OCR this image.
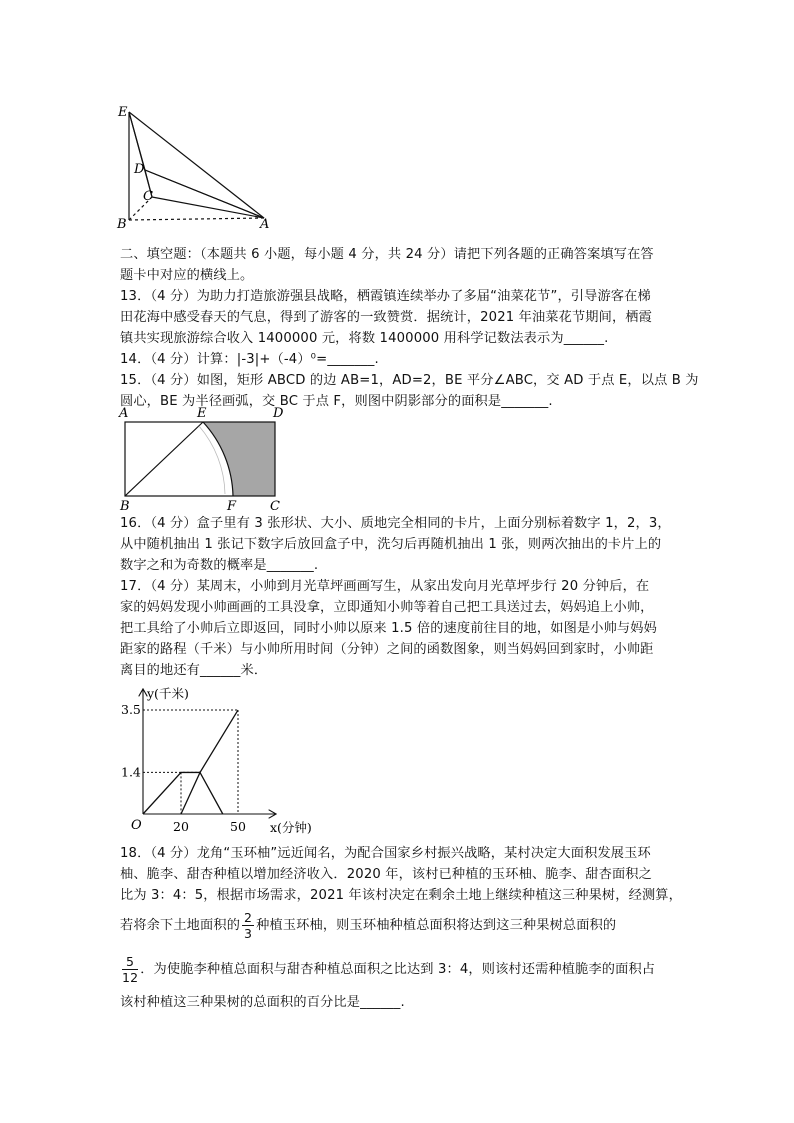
E
D
C
B	A
二、填空题：（本题共 6 小题，每小题 4 分，共 24 分）请把下列各题的正确答案填写在答
题卡中对应的横线上。
13．（4 分）为助力打造旅游强县战略，栖霞镇连续举办了多届“油菜花节”，引导游客在梯
田花海中感受春天的气息，得到了游客的一致赞赏．据统计，2021 年油菜花节期间，栖霞
镇共实现旅游综合收入 1400000 元，将数 1400000 用科学记数法表示为______.
14．（4 分）计算：|-3|+（-4）⁰=_______.
15．（4 分）如图，矩形 ABCD 的边 AB=1，AD=2，BE 平分∠ABC，交 AD 于点 E，以点 B 为
圆心，BE 为半径画弧，交 BC 于点 F，则图中阴影部分的面积是_______.
A	E	D
B	F	C
16．（4 分）盒子里有 3 张形状、大小、质地完全相同的卡片，上面分别标着数字 1，2，3，
从中随机抽出 1 张记下数字后放回盒子中，洗匀后再随机抽出 1 张，则两次抽出的卡片上的
数字之和为奇数的概率是_______.
17．（4 分）某周末，小帅到月光草坪画画写生，从家出发向月光草坪步行 20 分钟后，在
家的妈妈发现小帅画画的工具没拿，立即通知小帅等着自己把工具送过去，妈妈追上小帅，
把工具给了小帅后立即返回，同时小帅以原来 1.5 倍的速度前往目的地，如图是小帅与妈妈
距家的路程（千米）与小帅所用时间（分钟）之间的函数图象，则当妈妈回到家时，小帅距
离目的地还有______米．
1.4
3.5
20	50
y(千米)
x(分钟)
O
18．（4 分）龙角“玉环柚”远近闻名，为配合国家乡村振兴战略，某村决定大面积发展玉环
柚、脆李、甜杏种植以增加经济收入．2020 年，该村已种植的玉环柚、脆李、甜杏面积之
比为 3：4：5，根据市场需求，2021 年该村决定在剩余土地上继续种植这三种果树，经测算，
若将余下土地面积的 $\frac{2}{3}$ 种植玉环柚，则玉环柚种植总面积将达到这三种果树总面积的
$\frac{5}{12}$ ．为使脆李种植总面积与甜杏种植总面积之比达到 3：4，则该村还需种植脆李的面积占
该村种植这三种果树的总面积的百分比是______.
